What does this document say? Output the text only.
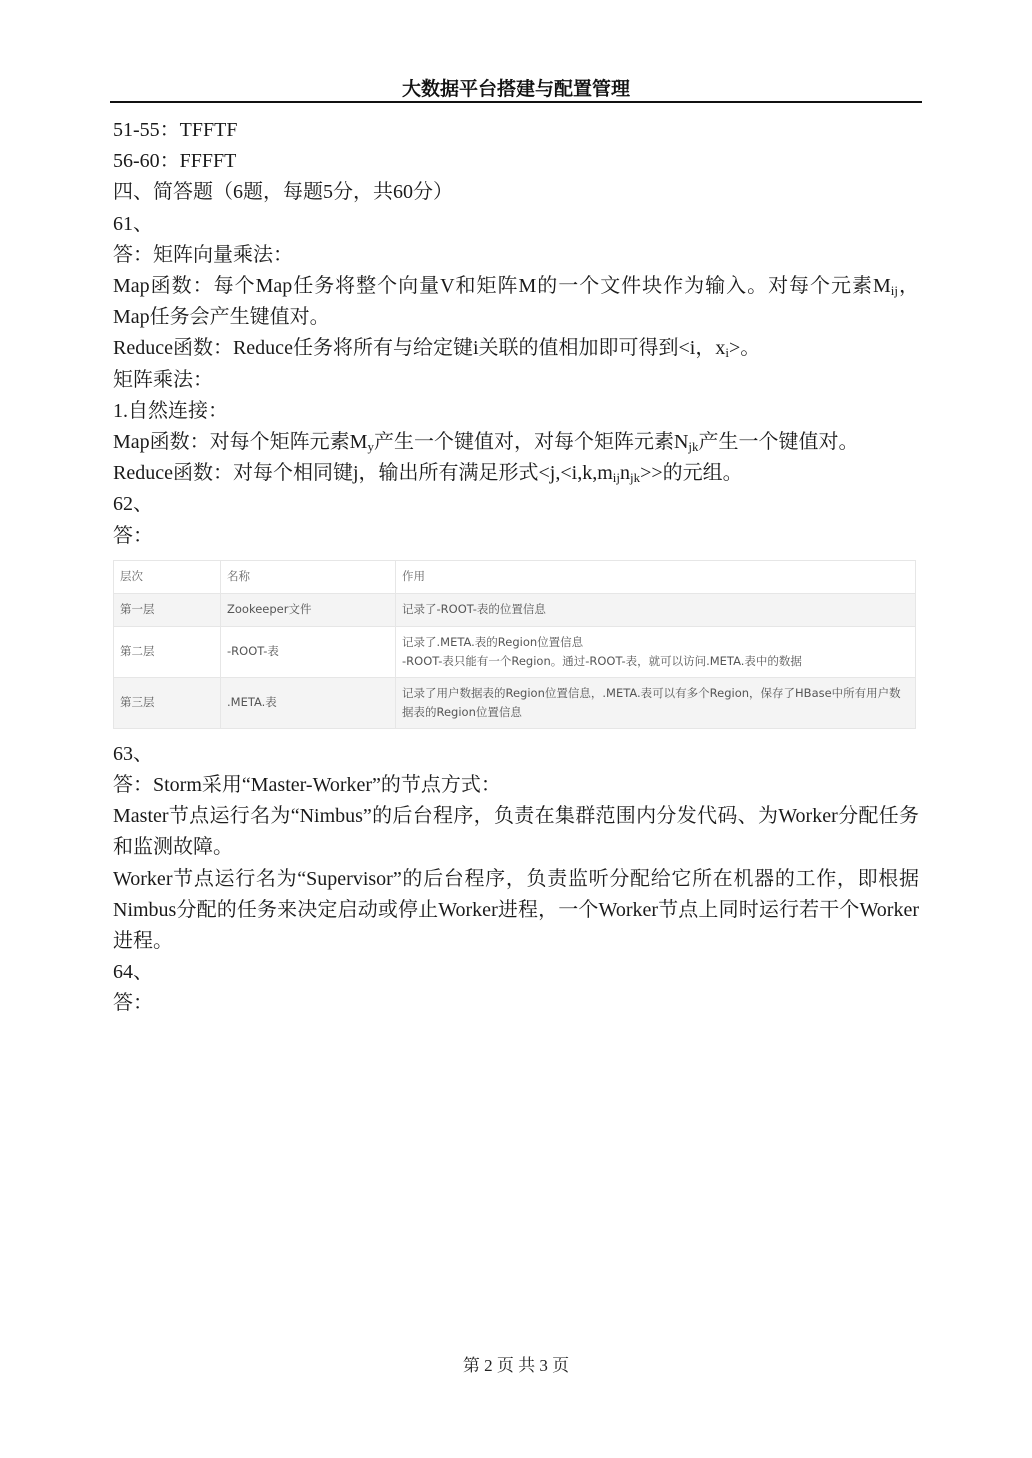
大数据平台搭建与配置管理

51-55：TFFTF

56-60：FFFFT

四、简答题（6题，每题5分，共60分）

61、

答：矩阵向量乘法：

Map函数：每个Map任务将整个向量V和矩阵M的一个文件块作为输入。对每个元素$M_{ij}$，Map任务会产生键值对。

Reduce函数：Reduce任务将所有与给定键i关联的值相加即可得到<i，$x_i>$。

矩阵乘法：

1.自然连接：

Map函数：对每个矩阵元素$M_y$产生一个键值对，对每个矩阵元素$N_{jk}$产生一个键值对。

Reduce函数：对每个相同键j，输出所有满足形式$<j,<i,k,m_{ij}n_{jk}>>$的元组。

62、

答：

层次	名称	作用
第一层	Zookeeper文件	记录了-ROOT-表的位置信息
第二层	-ROOT-表	记录了.META.表的Region位置信息
-ROOT-表只能有一个Region。通过-ROOT-表，就可以访问.META.表中的数据
第三层	.META.表	记录了用户数据表的Region位置信息，.META.表可以有多个Region，保存了HBase中所有用户数
据表的Region位置信息

63、

答：Storm采用“Master-Worker”的节点方式：

Master节点运行名为“Nimbus”的后台程序，负责在集群范围内分发代码、为Worker分配任务和监测故障。

Worker节点运行名为“Supervisor”的后台程序，负责监听分配给它所在机器的工作，即根据Nimbus分配的任务来决定启动或停止Worker进程，一个Worker节点上同时运行若干个Worker进程。

64、

答：

第 2 页 共 3 页
